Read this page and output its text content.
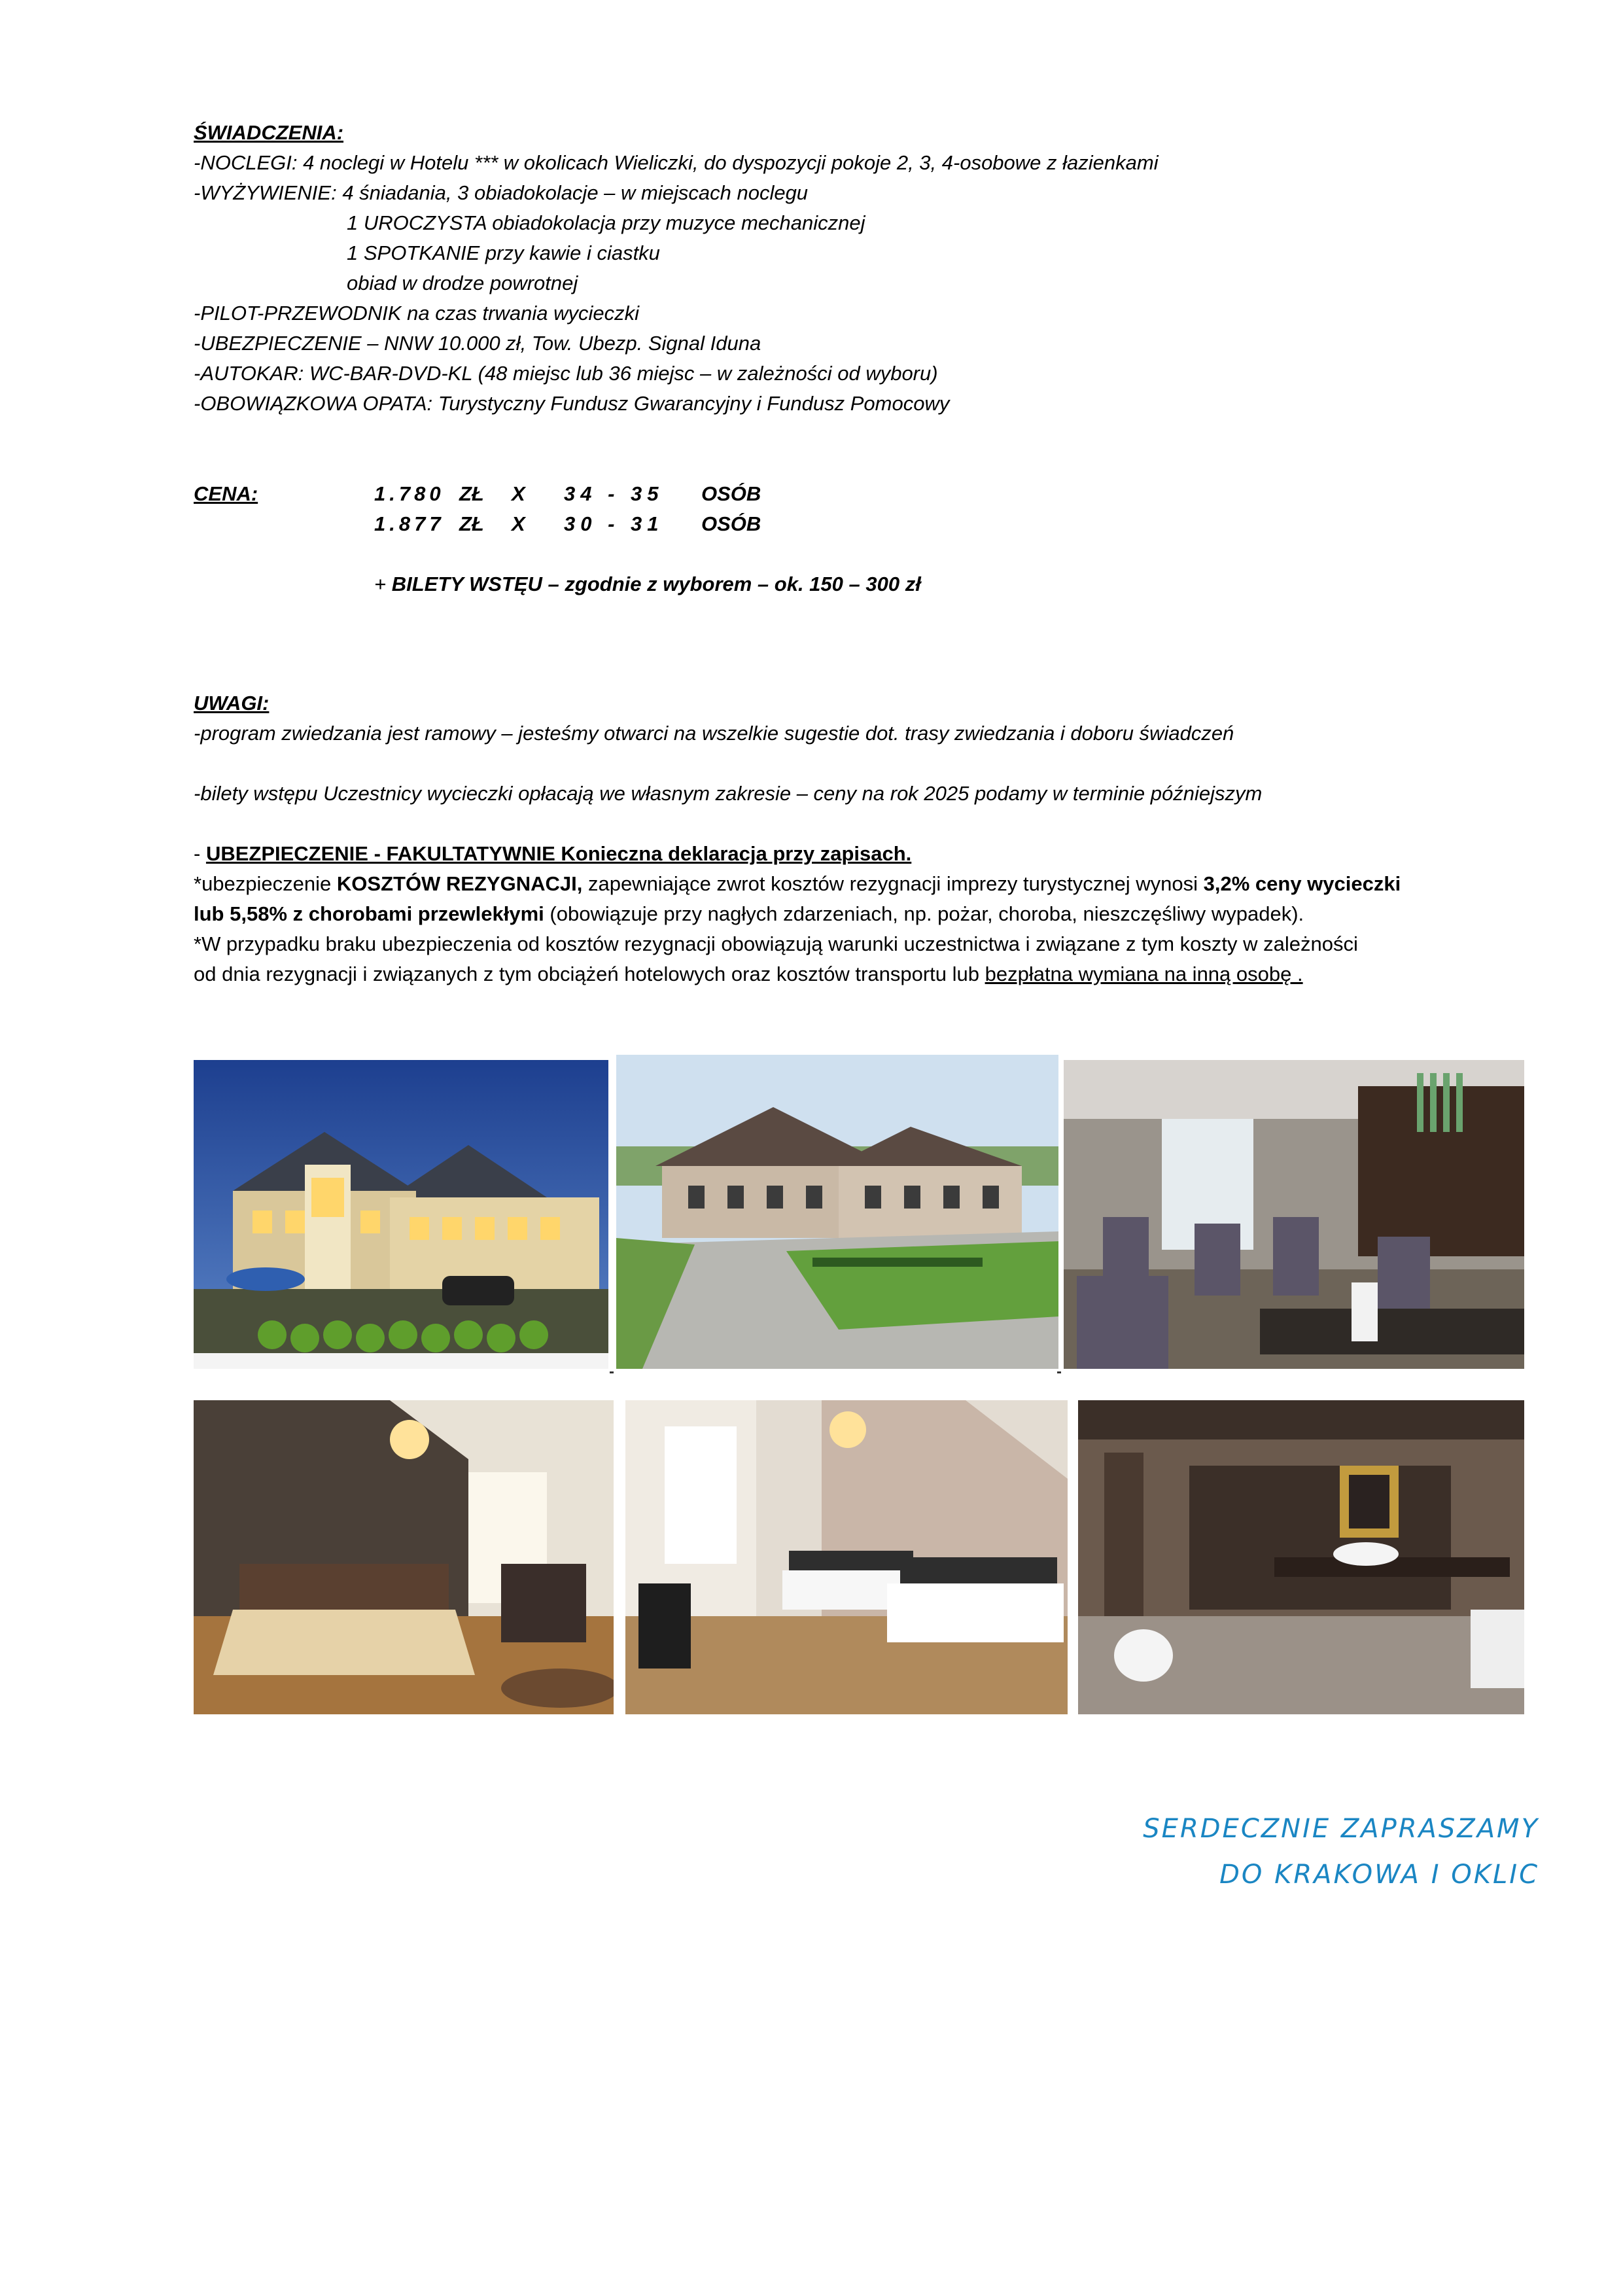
ŚWIADCZENIA:
-NOCLEGI: 4 noclegi w Hotelu *** w okolicach Wieliczki, do dyspozycji pokoje 2, 3, 4-osobowe z łazienkami
-WYŻYWIENIE: 4 śniadania, 3 obiadokolacje – w miejscach noclegu
1 UROCZYSTA obiadokolacja przy muzyce mechanicznej
1 SPOTKANIE przy kawie i ciastku
obiad w drodze powrotnej
-PILOT-PRZEWODNIK na czas trwania wycieczki
-UBEZPIECZENIE – NNW 10.000 zł, Tow. Ubezp. Signal Iduna
-AUTOKAR: WC-BAR-DVD-KL (48 miejsc lub 36 miejsc – w zależności od wyboru)
-OBOWIĄZKOWA OPATA: Turystyczny Fundusz Gwarancyjny i Fundusz Pomocowy
CENA:	1.780 ZŁ	X	34 - 35	OSÓB
1.877 ZŁ	X	30 - 31	OSÓB
+ BILETY WSTĘU – zgodnie z wyborem – ok. 150 – 300 zł
UWAGI:
-program zwiedzania jest ramowy – jesteśmy otwarci na wszelkie sugestie dot. trasy zwiedzania i doboru świadczeń
-bilety wstępu Uczestnicy wycieczki opłacają we własnym zakresie – ceny na rok 2025 podamy w terminie późniejszym
- UBEZPIECZENIE - FAKULTATYWNIE Konieczna deklaracja przy zapisach.
*ubezpieczenie KOSZTÓW REZYGNACJI, zapewniające zwrot kosztów rezygnacji imprezy turystycznej wynosi 3,2% ceny wycieczki
lub 5,58% z chorobami przewlekłymi (obowiązuje przy nagłych zdarzeniach, np. pożar, choroba, nieszczęśliwy wypadek).
*W przypadku braku ubezpieczenia od kosztów rezygnacji obowiązują warunki uczestnictwa i związane z tym koszty w zależności
od dnia rezygnacji i związanych z tym obciążeń hotelowych oraz kosztów transportu lub bezpłatna wymiana na inną osobę .
SERDECZNIE ZAPRASZAMY
DO KRAKOWA I OKLIC
